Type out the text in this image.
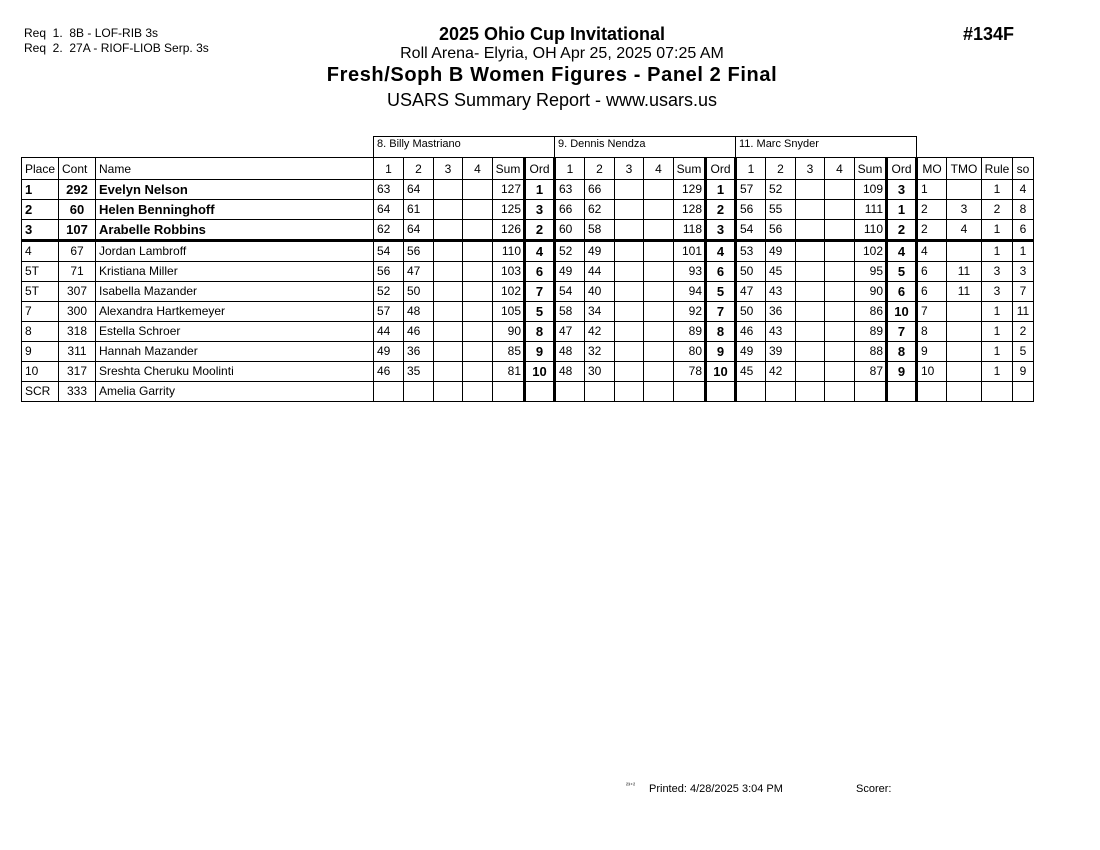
Req  1.  8B - LOF-RIB 3s
Req  2.  27A - RIOF-LIOB Serp. 3s
2025 Ohio Cup Invitational
Roll Arena- Elyria, OH Apr 25, 2025 07:25 AM
Fresh/Soph B Women Figures - Panel 2 Final
USARS Summary Report - www.usars.us
#134F
			8. Billy Mastriano						9. Dennis Nendza						11. Marc Snyder									
Place	Cont	Name	1	2	3	4	Sum	Ord	1	2	3	4	Sum	Ord	1	2	3	4	Sum	Ord	MO	TMO	Rule	so
1	292	Evelyn Nelson	63	64			127	1	63	66			129	1	57	52			109	3	1		1	4
2	60	Helen Benninghoff	64	61			125	3	66	62			128	2	56	55			111	1	2	3	2	8
3	107	Arabelle Robbins	62	64			126	2	60	58			118	3	54	56			110	2	2	4	1	6
4	67	Jordan Lambroff	54	56			110	4	52	49			101	4	53	49			102	4	4		1	1
5T	71	Kristiana Miller	56	47			103	6	49	44			93	6	50	45			95	5	6	11	3	3
5T	307	Isabella Mazander	52	50			102	7	54	40			94	5	47	43			90	6	6	11	3	7
7	300	Alexandra Hartkemeyer	57	48			105	5	58	34			92	7	50	36			86	10	7		1	11
8	318	Estella Schroer	44	46			90	8	47	42			89	8	46	43			89	7	8		1	2
9	311	Hannah Mazander	49	36			85	9	48	32			80	9	49	39			88	8	9		1	5
10	317	Sreshta Cheruku Moolinti	46	35			81	10	48	30			78	10	45	42			87	9	10		1	9
SCR	333	Amelia Garrity																						
²³⁺² Printed: 4/28/2025 3:04 PM	Scorer:
